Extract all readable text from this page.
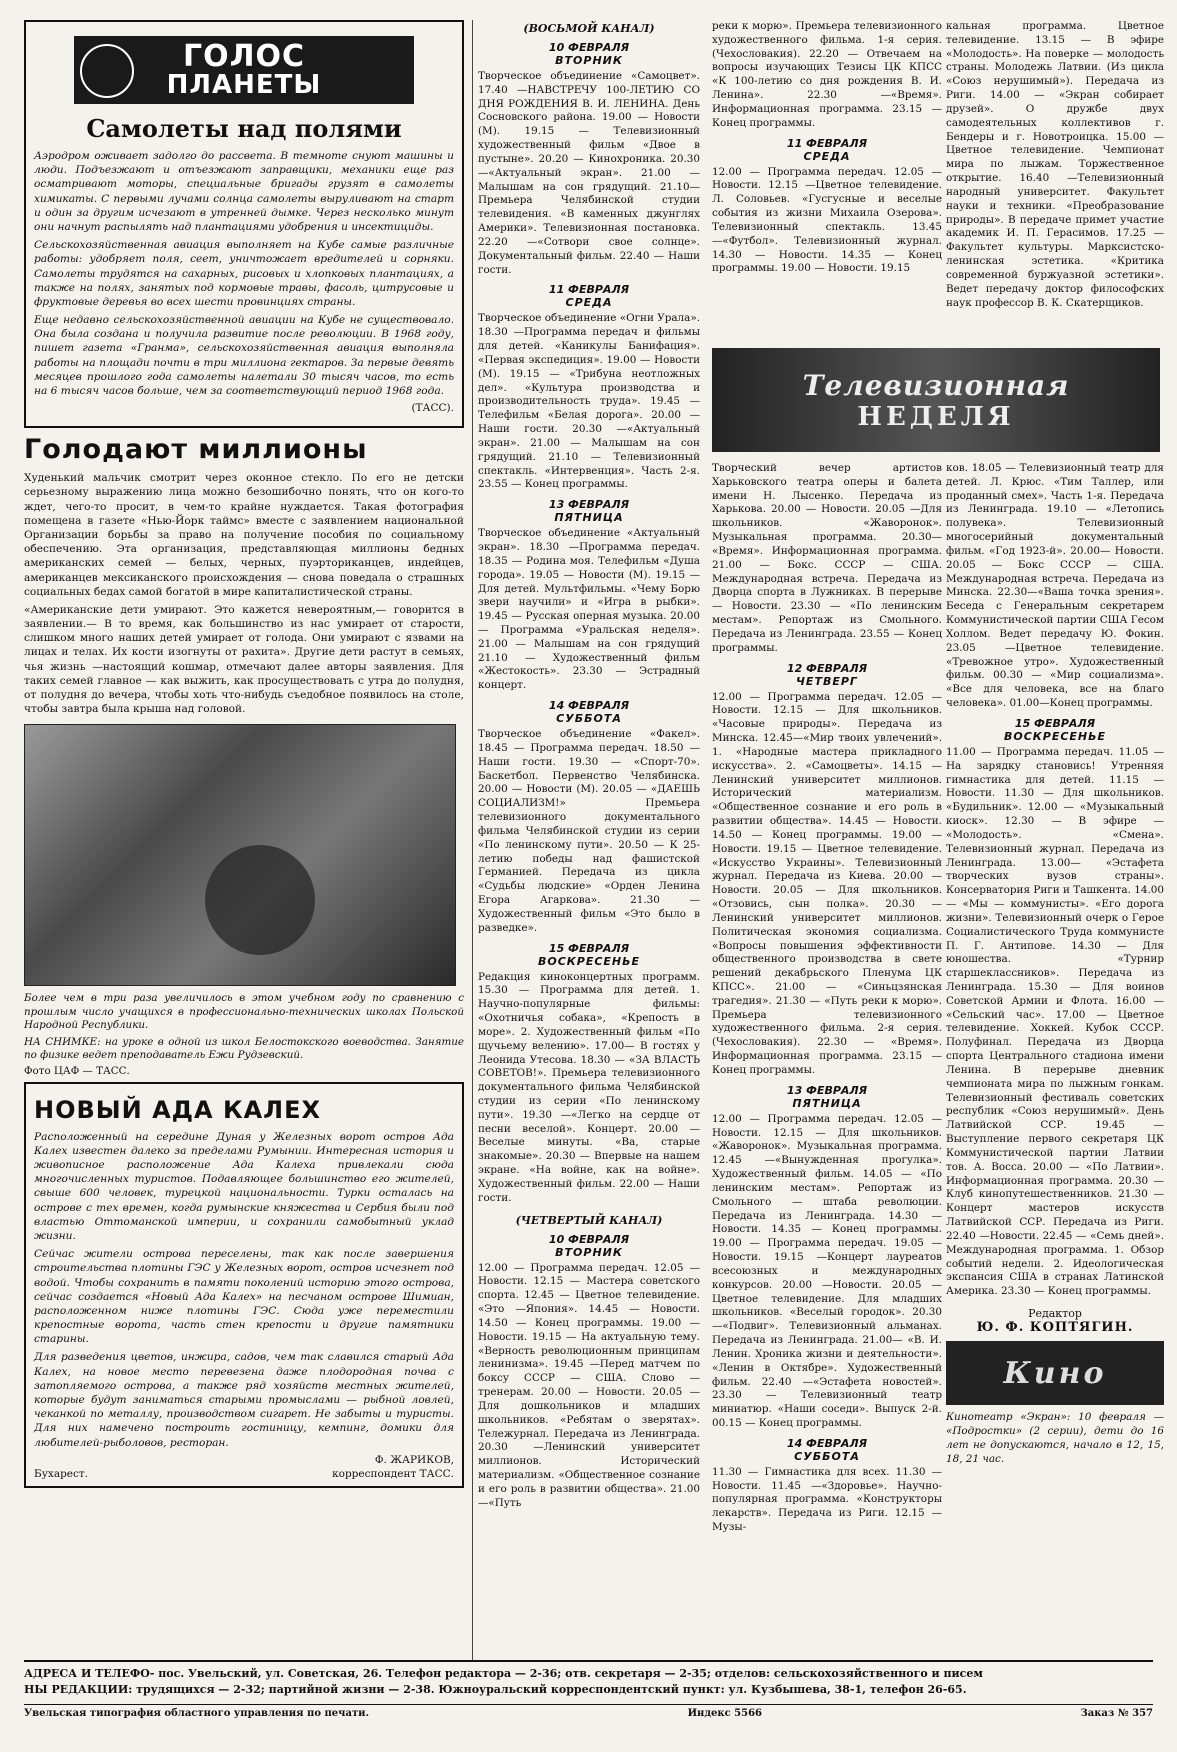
ГОЛОС
ПЛАНЕТЫ
Самолеты над полями

Аэродром оживает задолго до рассвета. В темноте снуют машины и люди. Подъезжают и отъезжают заправщики, механики еще раз осматривают моторы, специальные бригады грузят в самолеты химикаты. С первыми лучами солнца самолеты выруливают на старт и один за другим исчезают в утренней дымке. Через несколько минут они начнут распылять над плантациями удобрения и инсектициды.

Сельскохозяйственная авиация выполняет на Кубе самые различные работы: удобряет поля, сеет, уничтожает вредителей и сорняки. Самолеты трудятся на сахарных, рисовых и хлопковых плантациях, а также на полях, занятых под кормовые травы, фасоль, цитрусовые и фруктовые деревья во всех шести провинциях страны.

Еще недавно сельскохозяйственной авиации на Кубе не существовало. Она была создана и получила развитие после революции. В 1968 году, пишет газета «Гранма», сельскохозяйственная авиация выполняла работы на площади почти в три миллиона гектаров. За первые девять месяцев прошлого года самолеты налетали 30 тысяч часов, то есть на 6 тысяч часов больше, чем за соответствующий период 1968 года.

(ТАСС).
Голодают миллионы

Худенький мальчик смотрит через оконное стекло. По его не детски серьезному выражению лица можно безошибочно понять, что он кого-то ждет, чего-то просит, в чем-то крайне нуждается. Такая фотография помещена в газете «Нью-Йорк таймс» вместе с заявлением национальной Организации борьбы за право на получение пособия по социальному обеспечению. Эта организация, представляющая миллионы бедных американских семей — белых, черных, пуэрториканцев, индейцев, американцев мексиканского происхождения — снова поведала о страшных социальных бедах самой богатой в мире капиталистической страны.

«Американские дети умирают. Это кажется невероятным,— говорится в заявлении.— В то время, как большинство из нас умирает от старости, слишком много наших детей умирает от голода. Они умирают с язвами на лицах и телах. Их кости изогнуты от рахита». Другие дети растут в семьях, чья жизнь —настоящий кошмар, отмечают далее авторы заявления. Для таких семей главное — как выжить, как просуществовать с утра до полудня, от полудня до вечера, чтобы хоть что-нибудь съедобное появилось на столе, чтобы завтра была крыша над головой.

Более чем в три раза увеличилось в этом учебном году по сравнению с прошлым число учащихся в профессионально-технических школах Польской Народной Республики.

НА СНИМКЕ: на уроке в одной из школ Белостокского воеводства. Занятие по физике ведет преподаватель Ежи Рудзевский.

Фото ЦАФ — ТАСС.

НОВЫЙ АДА КАЛЕХ

Расположенный на середине Дуная у Железных ворот остров Ада Калех известен далеко за пределами Румынии. Интересная история и живописное расположение Ада Калеха привлекали сюда многочисленных туристов. Подавляющее большинство его жителей, свыше 600 человек, турецкой национальности. Турки осталась на острове с тех времен, когда румынские княжества и Сербия были под властью Оттоманской империи, и сохранили самобытный уклад жизни.

Сейчас жители острова переселены, так как после завершения строительства плотины ГЭС у Железных ворот, остров исчезнет под водой. Чтобы сохранить в памяти поколений историю этого острова, сейчас создается «Новый Ада Калех» на песчаном острове Шимиан, расположенном ниже плотины ГЭС. Сюда уже переместили крепостные ворота, часть стен крепости и другие памятники старины.

Для разведения цветов, инжира, садов, чем так славился старый Ада Калех, на новое место перевезена даже плодородная почва с затопляемого острова, а также ряд хозяйств местных жителей, которые будут заниматься старыми промыслами — рыбной ловлей, чеканкой по металлу, производством сигарет. Не забыты и туристы. Для них намечено построить гостиницу, кемпинг, домики для любителей-рыболовов, ресторан.

Ф. ЖАРИКОВ,
Бухарест.	корреспондент ТАСС.
(ВОСЬМОЙ КАНАЛ)
10 ФЕВРАЛЯ
ВТОРНИК

Творческое объединение «Самоцвет». 17.40 —НАВСТРЕЧУ 100-ЛЕТИЮ СО ДНЯ РОЖДЕНИЯ В. И. ЛЕНИНА. День Сосновского района. 19.00 — Новости (М). 19.15 — Телевизионный художественный фильм «Двое в пустыне». 20.20 — Кинохроника. 20.30 —«Актуальный экран». 21.00 — Малышам на сон грядущий. 21.10— Премьера Челябинской студии телевидения. «В каменных джунглях Америки». Телевизионная постановка. 22.20 —«Сотвори свое солнце». Документальный фильм. 22.40 — Наши гости.

11 ФЕВРАЛЯ
СРЕДА

Творческое объединение «Огни Урала». 18.30 —Программа передач и фильмы для детей. «Каникулы Банифация». «Первая экспедиция». 19.00 — Новости (М). 19.15 — «Трибуна неотложных дел». «Культура производства и производительность труда». 19.45 — Телефильм «Белая дорога». 20.00 — Наши гости. 20.30 —«Актуальный экран». 21.00 — Малышам на сон грядущий. 21.10 — Телевизионный спектакль. «Интервенция». Часть 2-я. 23.55 — Конец программы.

13 ФЕВРАЛЯ
ПЯТНИЦА

Творческое объединение «Актуальный экран». 18.30 —Программа передач. 18.35 — Родина моя. Телефильм «Душа города». 19.05 — Новости (М). 19.15 — Для детей. Мультфильмы. «Чему Борю звери научили» и «Игра в рыбки». 19.45 — Русская оперная музыка. 20.00 — Программа «Уральская неделя». 21.00 — Малышам на сон грядущий 21.10 — Художественный фильм «Жестокость». 23.30 — Эстрадный концерт.

14 ФЕВРАЛЯ
СУББОТА

Творческое объединение «Факел». 18.45 — Программа передач. 18.50 — Наши гости. 19.30 — «Спорт-70». Баскетбол. Первенство Челябинска. 20.00 — Новости (М). 20.05 — «ДАЕШЬ СОЦИАЛИЗМ!» Премьера телевизионного документального фильма Челябинской студии из серии «По ленинскому пути». 20.50 — К 25-летию победы над фашистской Германией. Передача из цикла «Судьбы людские» «Орден Ленина Егора Агаркова». 21.30 — Художественный фильм «Это было в разведке».

15 ФЕВРАЛЯ
ВОСКРЕСЕНЬЕ

Редакция киноконцертных программ. 15.30 — Программа для детей. 1. Научно-популярные фильмы: «Охотничья собака», «Крепость в море». 2. Художественный фильм «По щучьему велению». 17.00— В гостях у Леонида Утесова. 18.30 — «ЗА ВЛАСТЬ СОВЕТОВ!». Премьера телевизионного документального фильма Челябинской студии из серии «По ленинскому пути». 19.30 —«Легко на сердце от песни веселой». Концерт. 20.00 — Веселые минуты. «Ва, старые знакомые». 20.30 — Впервые на нашем экране. «На войне, как на войне». Художественный фильм. 22.00 — Наши гости.

(ЧЕТВЕРТЫЙ КАНАЛ)
10 ФЕВРАЛЯ
ВТОРНИК

12.00 — Программа передач. 12.05 — Новости. 12.15 — Мастера советского спорта. 12.45 — Цветное телевидение. «Это —Япония». 14.45 — Новости. 14.50 — Конец программы. 19.00 — Новости. 19.15 — На актуальную тему. «Верность революционным принципам ленинизма». 19.45 —Перед матчем по боксу СССР — США. Слово — тренерам. 20.00 — Новости. 20.05 — Для дошкольников и младших школьников. «Ребятам о зверятах». Тележурнал. Передача из Ленинграда. 20.30 —Ленинский университет миллионов. Исторический материализм. «Общественное сознание и его роль в развитии общества». 21.00—«Путь

реки к морю». Премьера телевизионного художественного фильма. 1-я серия. (Чехословакия). 22.20 — Отвечаем на вопросы изучающих Тезисы ЦК КПСС «К 100-летию со дня рождения В. И. Ленина». 22.30 —«Время». Информационная программа. 23.15 —Конец программы.

11 ФЕВРАЛЯ
СРЕДА

12.00 — Программа передач. 12.05 — Новости. 12.15 —Цветное телевидение. Л. Соловьев. «Гусгусные и веселые события из жизни Михаила Озерова». Телевизионный спектакль. 13.45—«Футбол». Телевизионный журнал. 14.30 — Новости. 14.35 — Конец программы. 19.00 — Новости. 19.15

кальная программа. Цветное телевидение. 13.15 — В эфире «Молодость». На поверке — молодость страны. Молодежь Латвии. (Из цикла «Союз нерушимый»). Передача из Риги. 14.00 — «Экран собирает друзей». О дружбе двух самодеятельных коллективов г. Бендеры и г. Новотроицка. 15.00 — Цветное телевидение. Чемпионат мира по лыжам. Торжественное открытие. 16.40 —Телевизионный народный университет. Факультет науки и техники. «Преобразование природы». В передаче примет участие академик И. П. Герасимов. 17.25 — Факультет культуры. Марксистско-ленинская эстетика. «Критика современной буржуазной эстетики». Ведет передачу доктор философских наук профессор В. К. Скатерщиков.

Телевизионная
НЕДЕЛЯ

Творческий вечер артистов Харьковского театра оперы и балета имени Н. Лысенко. Передача из Харькова. 20.00 — Новости. 20.05 —Для школьников. «Жаворонок». Музыкальная программа. 20.30— «Время». Информационная программа. 21.00 — Бокс. СССР — США. Международная встреча. Передача из Дворца спорта в Лужниках. В перерыве — Новости. 23.30 — «По ленинским местам». Репортаж из Смольного. Передача из Ленинграда. 23.55 — Конец программы.

12 ФЕВРАЛЯ
ЧЕТВЕРГ

12.00 — Программа передач. 12.05 — Новости. 12.15 — Для школьников. «Часовые природы». Передача из Минска. 12.45—«Мир твоих увлечений». 1. «Народные мастера прикладного искусства». 2. «Самоцветы». 14.15 — Ленинский университет миллионов. Исторический материализм. «Общественное сознание и его роль в развитии общества». 14.45 — Новости. 14.50 — Конец программы. 19.00 — Новости. 19.15 — Цветное телевидение. «Искусство Украины». Телевизионный журнал. Передача из Киева. 20.00 — Новости. 20.05 — Для школьников. «Отзовись, сын полка». 20.30 — Ленинский университет миллионов. Политическая экономия социализма. «Вопросы повышения эффективности общественного производства в свете решений декабрьского Пленума ЦК КПСС». 21.00 — «Синьцзянская трагедия». 21.30 — «Путь реки к морю». Премьера телевизионного художественного фильма. 2-я серия. (Чехословакия). 22.30 — «Время». Информационная программа. 23.15 — Конец программы.

13 ФЕВРАЛЯ
ПЯТНИЦА

12.00 — Программа передач. 12.05 — Новости. 12.15 — Для школьников. «Жаворонок». Музыкальная программа. 12.45 —«Вынужденная прогулка». Художественный фильм. 14.05 — «По ленинским местам». Репортаж из Смольного — штаба революции. Передача из Ленинграда. 14.30 — Новости. 14.35 — Конец программы. 19.00 — Программа передач. 19.05 — Новости. 19.15 —Концерт лауреатов всесоюзных и международных конкурсов. 20.00 —Новости. 20.05 — Цветное телевидение. Для младших школьников. «Веселый городок». 20.30 —«Подвиг». Телевизионный альманах. Передача из Ленинграда. 21.00— «В. И. Ленин. Хроника жизни и деятельности». «Ленин в Октябре». Художественный фильм. 22.40 —«Эстафета новостей». 23.30 — Телевизионный театр миниатюр. «Наши соседи». Выпуск 2-й. 00.15 — Конец программы.

14 ФЕВРАЛЯ
СУББОТА

11.30 — Гимнастика для всех. 11.30 — Новости. 11.45 —«Здоровье». Научно-популярная программа. «Конструкторы лекарств». Передача из Риги. 12.15 —Музы-

ков. 18.05 — Телевизионный театр для детей. Л. Крюс. «Тим Таллер, или проданный смех». Часть 1-я. Передача из Ленинграда. 19.10 — «Летопись полувека». Телевизионный многосерийный документальный фильм. «Год 1923-й». 20.00— Новости. 20.05 — Бокс СССР — США. Международная встреча. Передача из Минска. 22.30—«Ваша точка зрения». Беседа с Генеральным секретарем Коммунистической партии США Гесом Холлом. Ведет передачу Ю. Фокин. 23.05 —Цветное телевидение. «Тревожное утро». Художественный фильм. 00.30 — «Мир социализма». «Все для человека, все на благо человека». 01.00—Конец программы.

15 ФЕВРАЛЯ
ВОСКРЕСЕНЬЕ

11.00 — Программа передач. 11.05 — На зарядку становись! Утренняя гимнастика для детей. 11.15 — Новости. 11.30 — Для школьников. «Будильник». 12.00 — «Музыкальный киоск». 12.30 — В эфире — «Молодость». «Смена». Телевизионный журнал. Передача из Ленинграда. 13.00— «Эстафета творческих вузов страны». Консерватория Риги и Ташкента. 14.00 — «Мы — коммунисты». «Его дорога жизни». Телевизионный очерк о Герое Социалистического Труда коммунисте П. Г. Антипове. 14.30 — Для юношества. «Турнир старшеклассников». Передача из Ленинграда. 15.30 — Для воинов Советской Армии и Флота. 16.00 — «Сельский час». 17.00 — Цветное телевидение. Хоккей. Кубок СССР. Полуфинал. Передача из Дворца спорта Центрального стадиона имени Ленина. В перерыве дневник чемпионата мира по лыжным гонкам. Телевизионный фестиваль советских республик «Союз нерушимый». День Латвийской ССР. 19.45 — Выступление первого секретаря ЦК Коммунистической партии Латвии тов. А. Восса. 20.00 — «По Латвии». Информационная программа. 20.30 — Клуб кинопутешественников. 21.30 —Концерт мастеров искусств Латвийской ССР. Передача из Риги. 22.40 —Новости. 22.45 — «Семь дней». Международная программа. 1. Обзор событий недели. 2. Идеологическая экспансия США в странах Латинской Америка. 23.30 — Конец программы.

Редактор
Ю. Ф. КОПТЯГИН.
Кино

Кинотеатр «Экран»: 10 февраля — «Подростки» (2 серии), дети до 16 лет не допускаются, начало в 12, 15, 18, 21 час.

АДРЕСА И ТЕЛЕФО- пос. Увельский, ул. Советская, 26. Телефон редактора — 2-36; отв. секретаря — 2-35; отделов: сельскохозяйственного и писем

НЫ РЕДАКЦИИ: трудящихся — 2-32; партийной жизни — 2-38. Южноуральский корреспондентский пункт: ул. Кузбышева, 38-1, телефон 26-65.

Увельская типография областного управления по печати.	Индекс 5566	Заказ № 357
